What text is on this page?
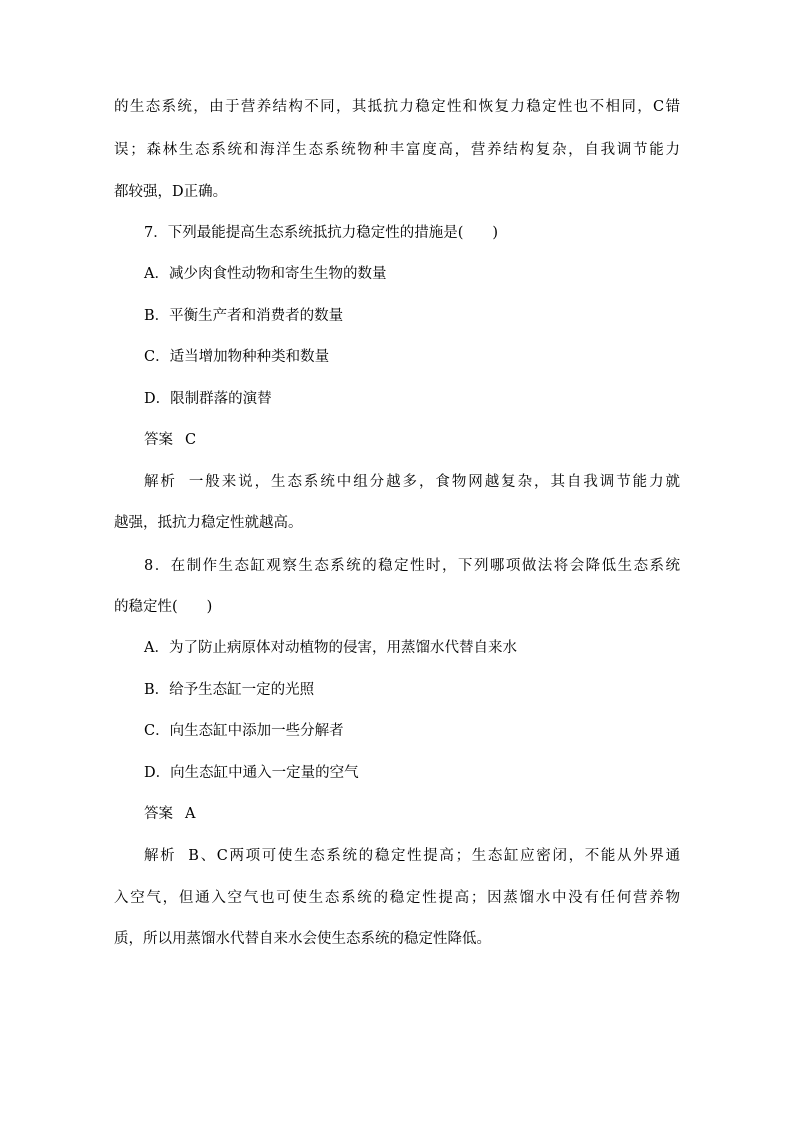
的生态系统，由于营养结构不同，其抵抗力稳定性和恢复力稳定性也不相同，C错
误；森林生态系统和海洋生态系统物种丰富度高，营养结构复杂，自我调节能力
都较强，D正确。
7．下列最能提高生态系统抵抗力稳定性的措施是(　　)
A．减少肉食性动物和寄生生物的数量
B．平衡生产者和消费者的数量
C．适当增加物种种类和数量
D．限制群落的演替
答案 C
解析 一般来说，生态系统中组分越多，食物网越复杂，其自我调节能力就
越强，抵抗力稳定性就越高。
8．在制作生态缸观察生态系统的稳定性时，下列哪项做法将会降低生态系统
的稳定性(　　)
A．为了防止病原体对动植物的侵害，用蒸馏水代替自来水
B．给予生态缸一定的光照
C．向生态缸中添加一些分解者
D．向生态缸中通入一定量的空气
答案 A
解析 B、C两项可使生态系统的稳定性提高；生态缸应密闭，不能从外界通
入空气，但通入空气也可使生态系统的稳定性提高；因蒸馏水中没有任何营养物
质，所以用蒸馏水代替自来水会使生态系统的稳定性降低。
